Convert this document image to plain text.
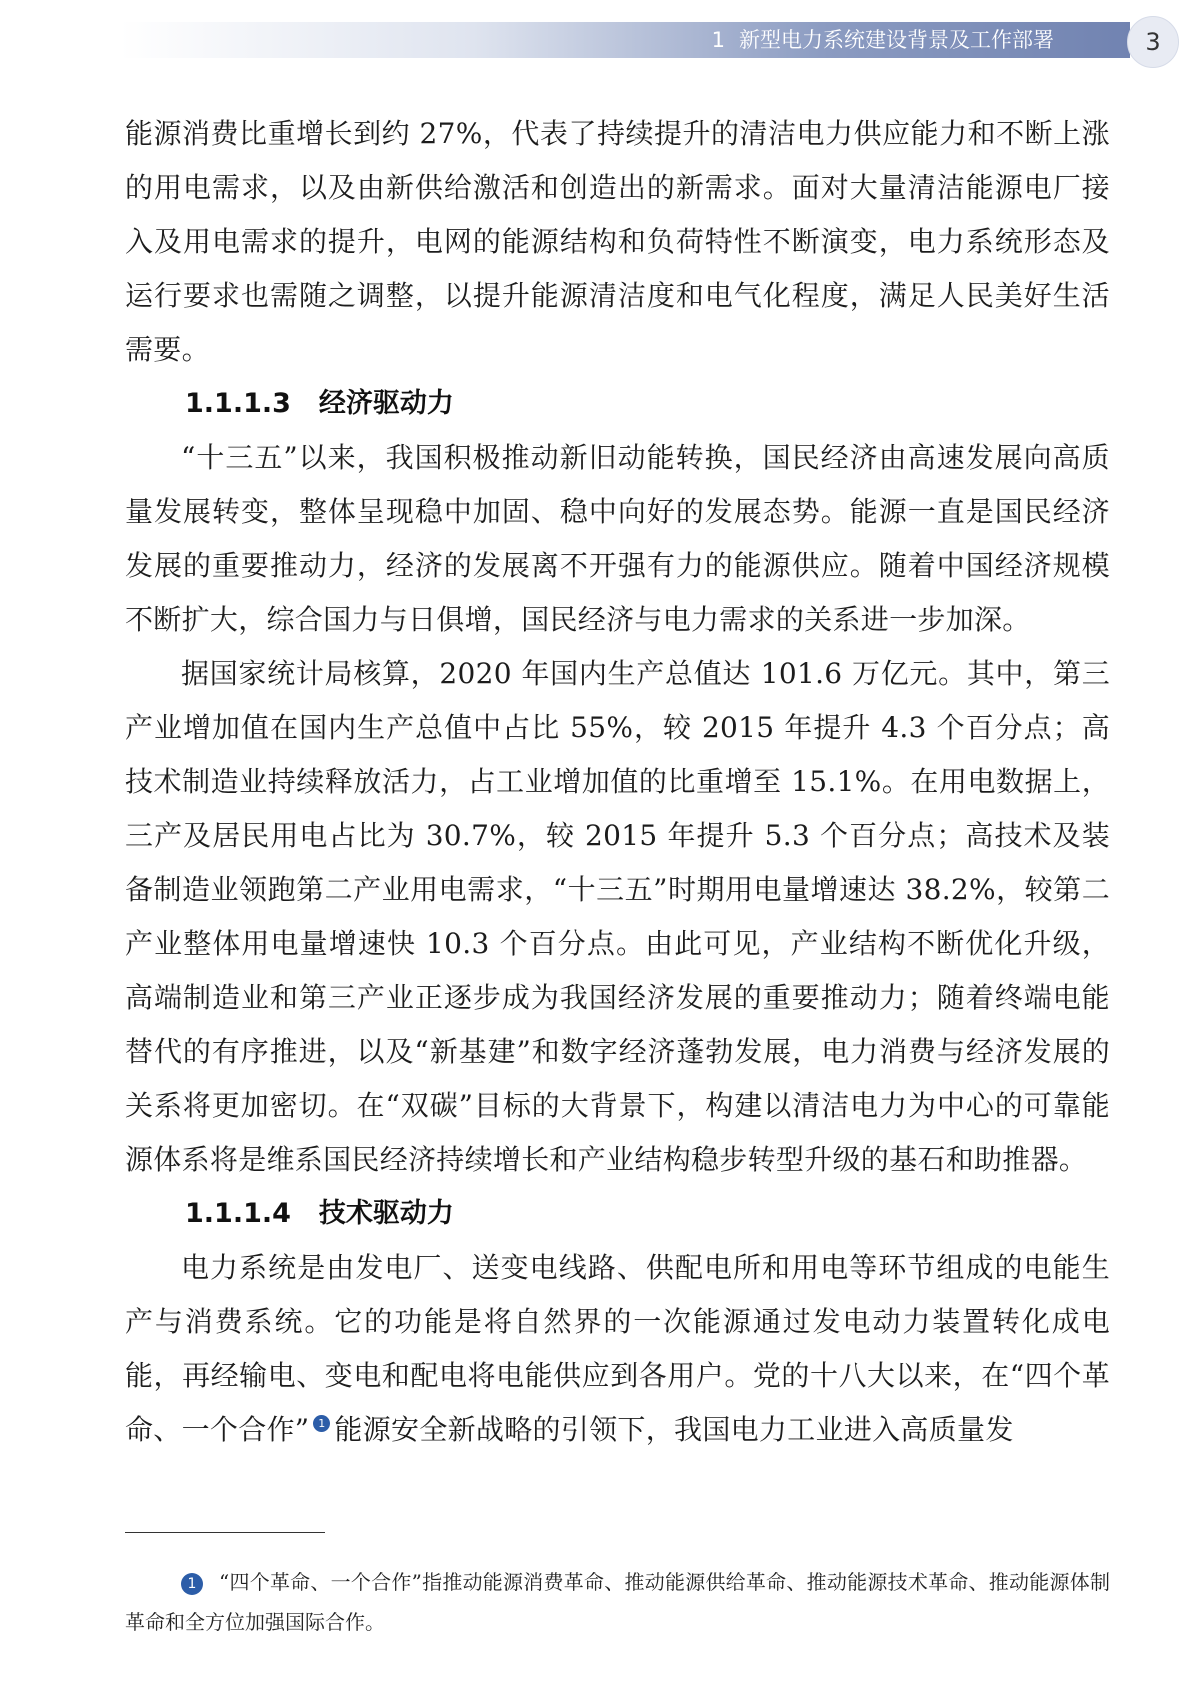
1 新型电力系统建设背景及工作部署	3

能源消费比重增长到约 27%，代表了持续提升的清洁电力供应能力和不断上涨的用电需求，以及由新供给激活和创造出的新需求。面对大量清洁能源电厂接入及用电需求的提升，电网的能源结构和负荷特性不断演变，电力系统形态及运行要求也需随之调整，以提升能源清洁度和电气化程度，满足人民美好生活需要。

1.1.1.3 经济驱动力

“十三五”以来，我国积极推动新旧动能转换，国民经济由高速发展向高质量发展转变，整体呈现稳中加固、稳中向好的发展态势。能源一直是国民经济发展的重要推动力，经济的发展离不开强有力的能源供应。随着中国经济规模不断扩大，综合国力与日俱增，国民经济与电力需求的关系进一步加深。

据国家统计局核算，2020 年国内生产总值达 101.6 万亿元。其中，第三产业增加值在国内生产总值中占比 55%，较 2015 年提升 4.3 个百分点；高技术制造业持续释放活力，占工业增加值的比重增至 15.1%。在用电数据上，三产及居民用电占比为 30.7%，较 2015 年提升 5.3 个百分点；高技术及装备制造业领跑第二产业用电需求，“十三五”时期用电量增速达 38.2%，较第二产业整体用电量增速快 10.3 个百分点。由此可见，产业结构不断优化升级，高端制造业和第三产业正逐步成为我国经济发展的重要推动力；随着终端电能替代的有序推进，以及“新基建”和数字经济蓬勃发展，电力消费与经济发展的关系将更加密切。在“双碳”目标的大背景下，构建以清洁电力为中心的可靠能源体系将是维系国民经济持续增长和产业结构稳步转型升级的基石和助推器。

1.1.1.4 技术驱动力

电力系统是由发电厂、送变电线路、供配电所和用电等环节组成的电能生产与消费系统。它的功能是将自然界的一次能源通过发电动力装置转化成电能，再经输电、变电和配电将电能供应到各用户。党的十八大以来，在“四个革命、一个合作” 1 能源安全新战略的引领下，我国电力工业进入高质量发

1 “四个革命、一个合作”指推动能源消费革命、推动能源供给革命、推动能源技术革命、推动能源体制革命和全方位加强国际合作。
